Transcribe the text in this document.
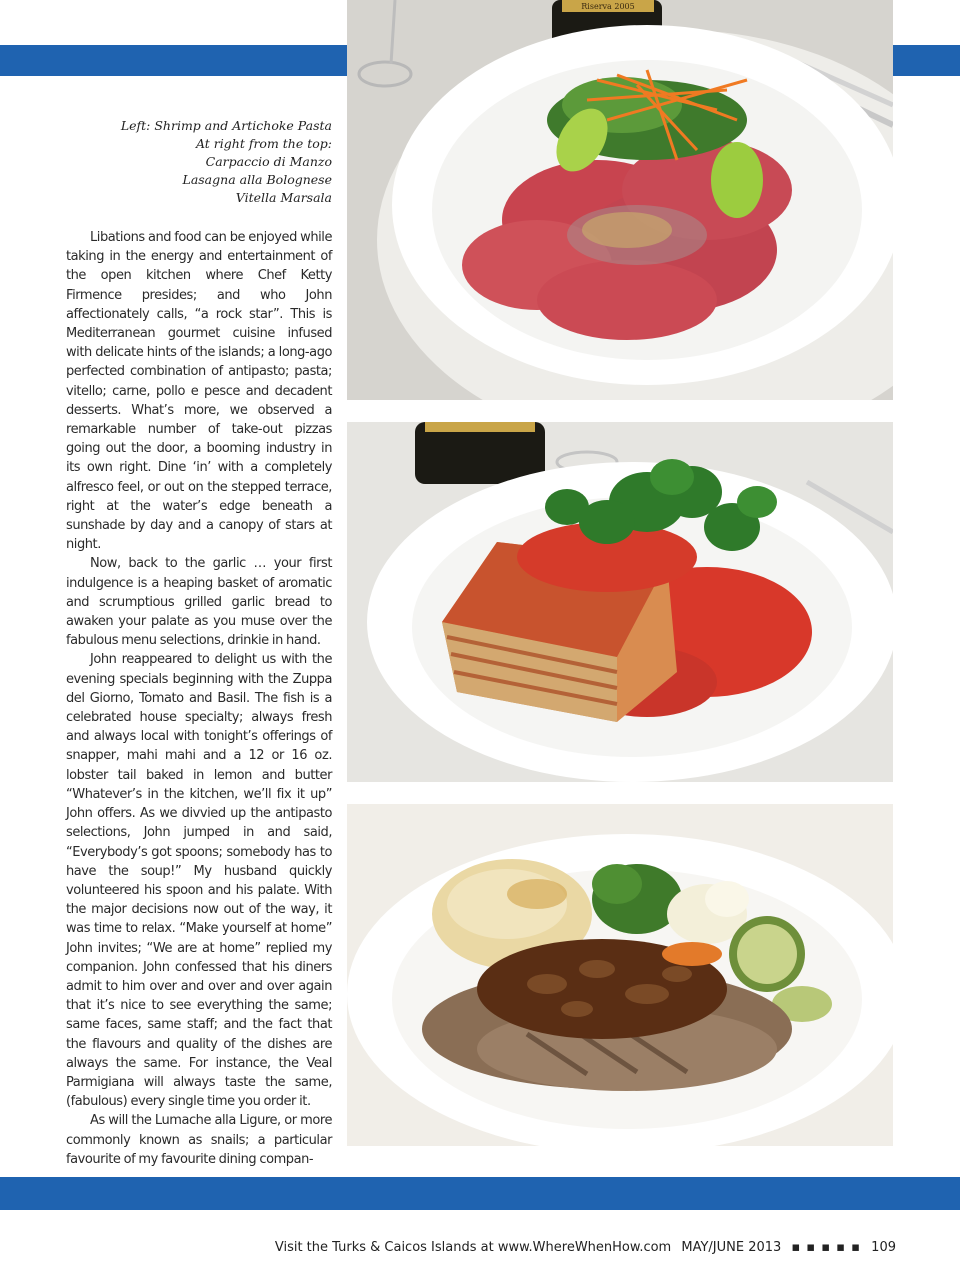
Riserva 2005
Left: Shrimp and Artichoke Pasta
At right from the top:
Carpaccio di Manzo
Lasagna alla Bolognese
Vitella Marsala

Libations and food can be enjoyed while taking in the energy and entertainment of the open kitchen where Chef Ketty Firmence presides; and who John affectionately calls, “a rock star”. This is Mediterranean gourmet cuisine infused with delicate hints of the islands; a long-ago perfected combination of antipasto; pasta; vitello; carne, pollo e pesce and decadent desserts. What’s more, we observed a remarkable number of take-out pizzas going out the door, a booming industry in its own right. Dine ‘in’ with a completely alfresco feel, or out on the stepped terrace, right at the water’s edge beneath a sunshade by day and a canopy of stars at night.

Now, back to the garlic … your first indulgence is a heaping basket of aromatic and scrumptious grilled garlic bread to awaken your palate as you muse over the fabulous menu selections, drinkie in hand.

John reappeared to delight us with the evening specials beginning with the Zuppa del Giorno, Tomato and Basil. The fish is a celebrated house specialty; always fresh and always local with tonight’s offerings of snapper, mahi mahi and a 12 or 16 oz. lobster tail baked in lemon and butter “Whatever’s in the kitchen, we’ll fix it up” John offers. As we divvied up the antipasto selections, John jumped in and said, “Everybody’s got spoons; somebody has to have the soup!” My husband quickly volunteered his spoon and his palate. With the major decisions now out of the way, it was time to relax. “Make yourself at home” John invites; “We are at home” replied my companion. John confessed that his diners admit to him over and over and over again that it’s nice to see everything the same; same faces, same staff; and the fact that the flavours and quality of the dishes are always the same. For instance, the Veal Parmigiana will always taste the same, (fabulous) every single time you order it.

As will the Lumache alla Ligure, or more commonly known as snails; a particular favourite of my favourite dining compan-

Visit the Turks & Caicos Islands at www.WhereWhenHow.com MAY/JUNE 2013 ▪ ▪ ▪ ▪ ▪ 109
